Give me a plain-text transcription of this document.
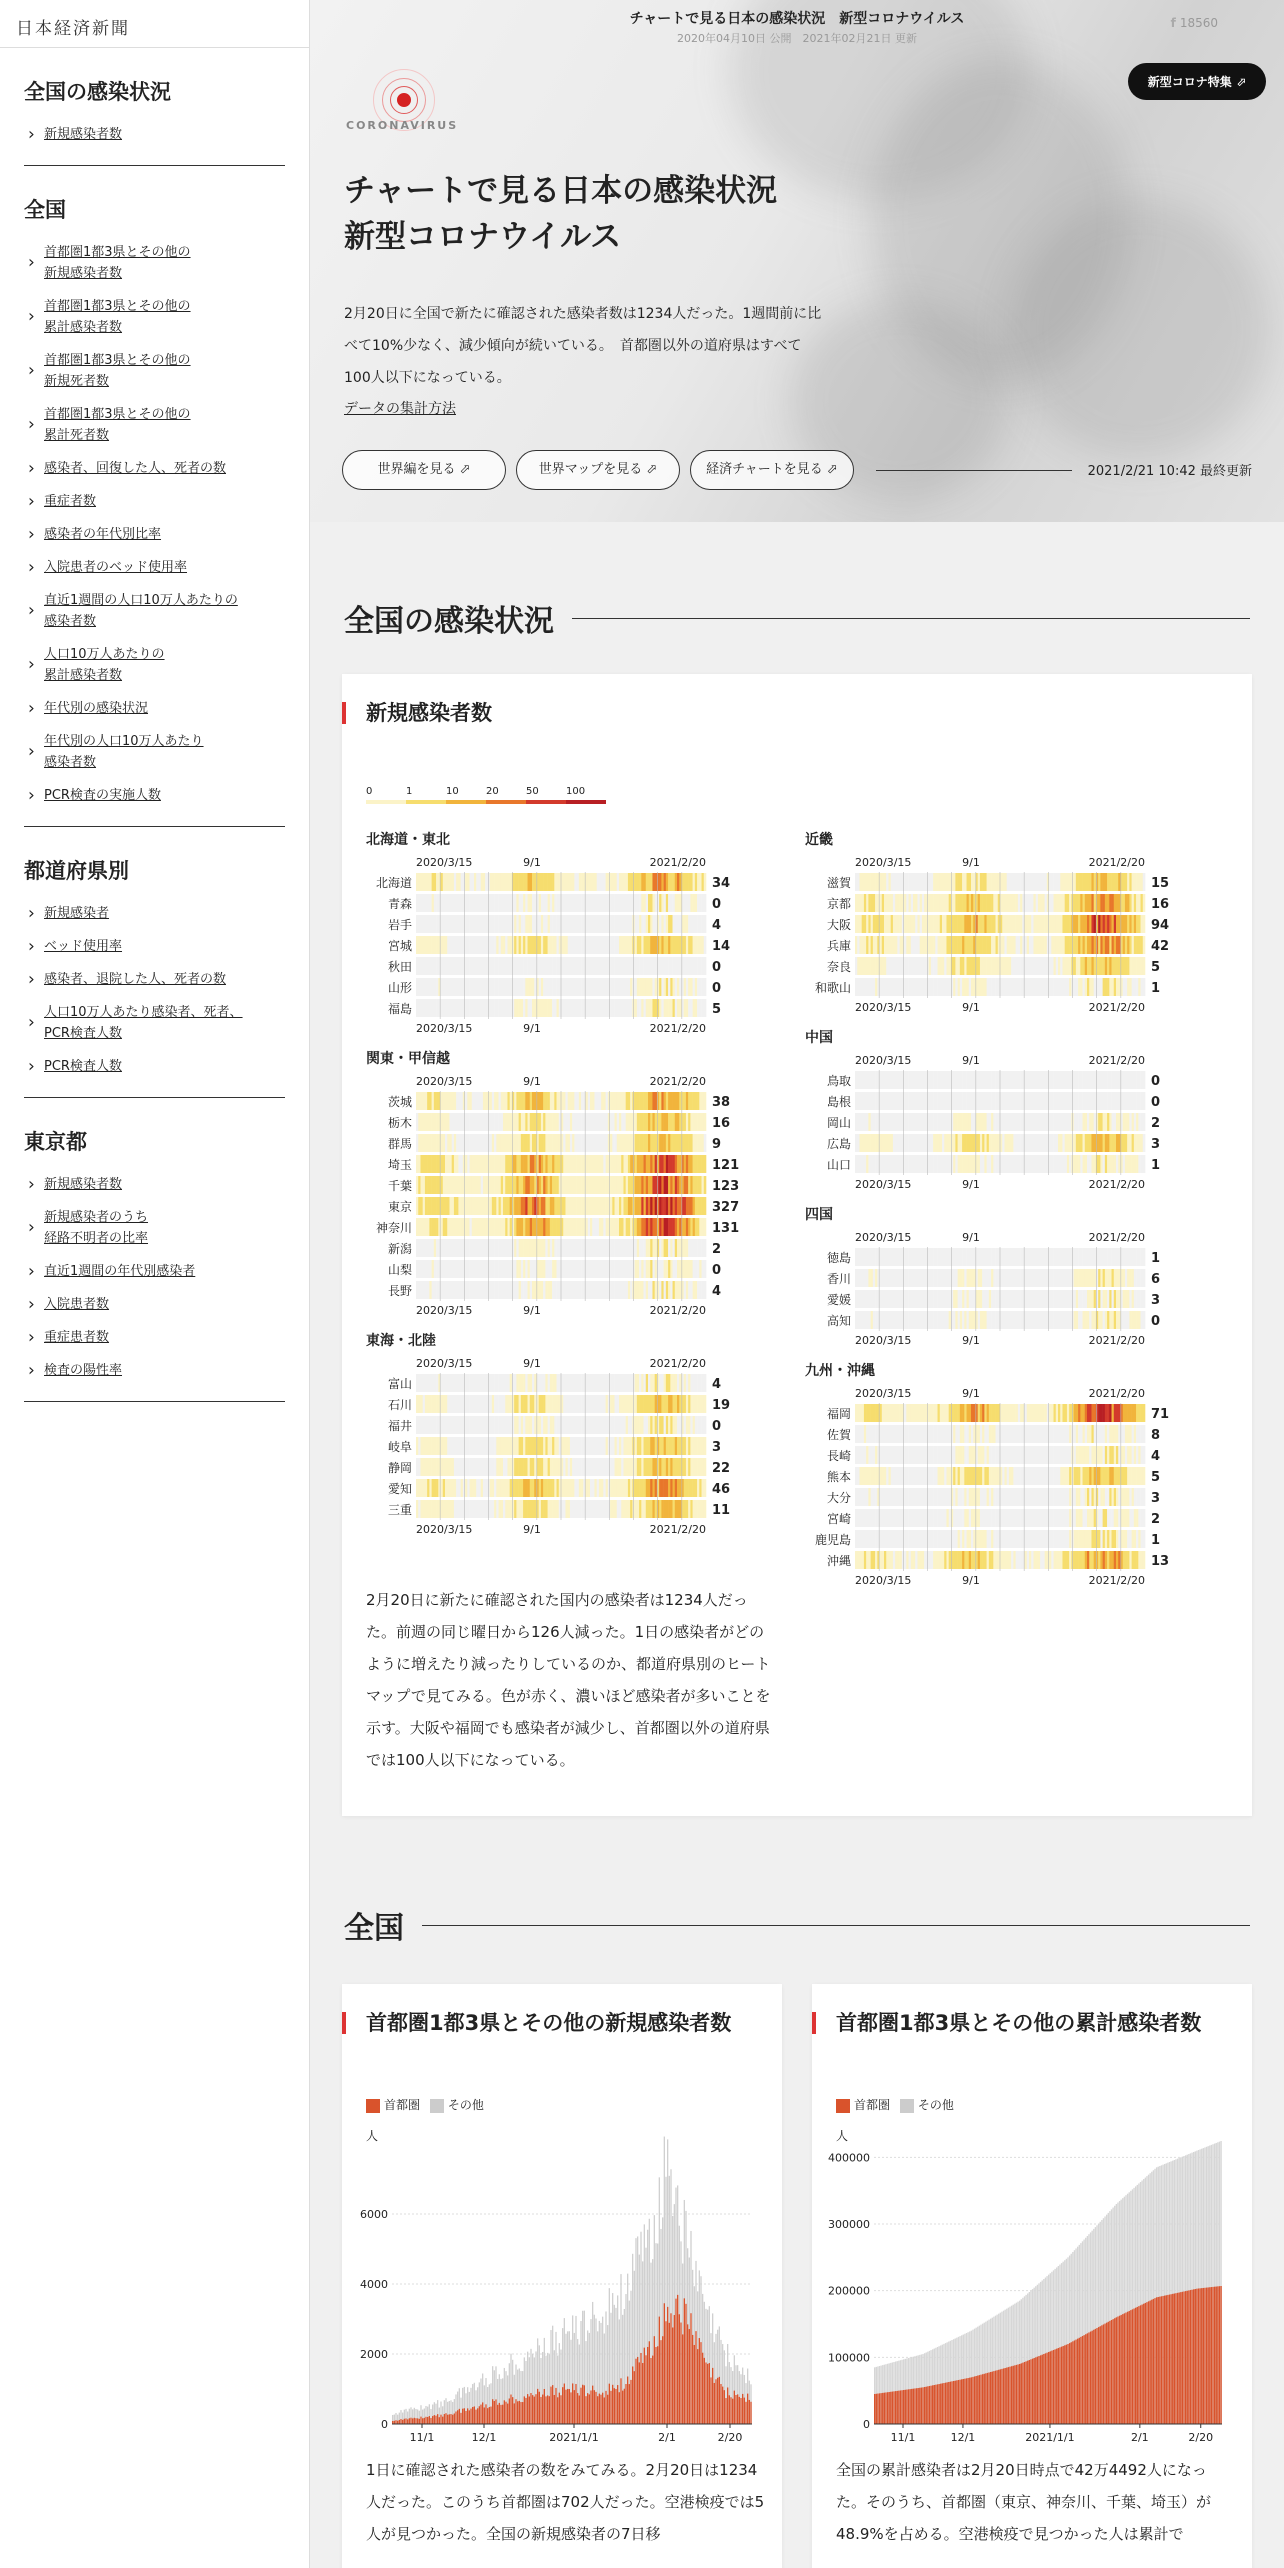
日本経済新聞
全国の感染状況
› 新規感染者数
全国
› 首都圏1都3県とその他の
新規感染者数
› 首都圏1都3県とその他の
累計感染者数
› 首都圏1都3県とその他の
新規死者数
› 首都圏1都3県とその他の
累計死者数
› 感染者、回復した人、死者の数
› 重症者数
› 感染者の年代別比率
› 入院患者のベッド使用率
› 直近1週間の人口10万人あたりの
感染者数
› 人口10万人あたりの
累計感染者数
› 年代別の感染状況
› 年代別の人口10万人あたり
感染者数
› PCR検査の実施人数
都道府県別
› 新規感染者
› ベッド使用率
› 感染者、退院した人、死者の数
› 人口10万人あたり感染者、死者、
PCR検査人数
› PCR検査人数
東京都
› 新規感染者数
› 新規感染者のうち
経路不明者の比率
› 直近1週間の年代別感染者
› 入院患者数
› 重症患者数
› 検査の陽性率
チャートで見る日本の感染状況　新型コロナウイルス
2020年04月10日 公開　2021年02月21日 更新
f 18560
新型コロナ特集 ⬀
CORONAVIRUS
チャートで見る日本の感染状況
新型コロナウイルス
2月20日に全国で新たに確認された感染者数は1234人だった。1週間前に比べて10%少なく、減少傾向が続いている。　首都圏以外の道府県はすべて100人以下になっている。
データの集計方法
世界編を見る ⬀	世界マップを見る ⬀	経済チャートを見る ⬀	2021/2/21 10:42 最終更新
全国の感染状況
新規感染者数
0	1	10	20	50	100
北海道・東北
2020/3/15	9/1	2021/2/20
北海道	34
青森	0
岩手	4
宮城	14
秋田	0
山形	0
福島	5
2020/3/15	9/1	2021/2/20
関東・甲信越
2020/3/15	9/1	2021/2/20
茨城	38
栃木	16
群馬	9
埼玉	121
千葉	123
東京	327
神奈川	131
新潟	2
山梨	0
長野	4
2020/3/15	9/1	2021/2/20
東海・北陸
2020/3/15	9/1	2021/2/20
富山	4
石川	19
福井	0
岐阜	3
静岡	22
愛知	46
三重	11
2020/3/15	9/1	2021/2/20
近畿
2020/3/15	9/1	2021/2/20
滋賀	15
京都	16
大阪	94
兵庫	42
奈良	5
和歌山	1
2020/3/15	9/1	2021/2/20
中国
2020/3/15	9/1	2021/2/20
鳥取	0
島根	0
岡山	2
広島	3
山口	1
2020/3/15	9/1	2021/2/20
四国
2020/3/15	9/1	2021/2/20
徳島	1
香川	6
愛媛	3
高知	0
2020/3/15	9/1	2021/2/20
九州・沖縄
2020/3/15	9/1	2021/2/20
福岡	71
佐賀	8
長崎	4
熊本	5
大分	3
宮崎	2
鹿児島	1
沖縄	13
2020/3/15	9/1	2021/2/20
2月20日に新たに確認された国内の感染者は1234人だった。前週の同じ曜日から126人減った。1日の感染者がどのように増えたり減ったりしているのか、都道府県別のヒートマップで見てみる。色が赤く、濃いほど感染者が多いことを示す。大阪や福岡でも感染者が減少し、首都圏以外の道府県では100人以下になっている。
全国
首都圏1都3県とその他の新規感染者数
首都圏 その他
人
0
2000
4000
6000
11/1	12/1	2021/1/1	2/1	2/20
1日に確認された感染者の数をみてみる。2月20日は1234人だった。このうち首都圏は702人だった。空港検疫では5人が見つかった。全国の新規感染者の7日移
首都圏1都3県とその他の累計感染者数
首都圏 その他
人
0
100000
200000
300000
400000
11/1	12/1	2021/1/1	2/1	2/20
全国の累計感染者は2月20日時点で42万4492人になった。そのうち、首都圏（東京、神奈川、千葉、埼玉）が48.9%を占める。空港検疫で見つかった人は累計で
